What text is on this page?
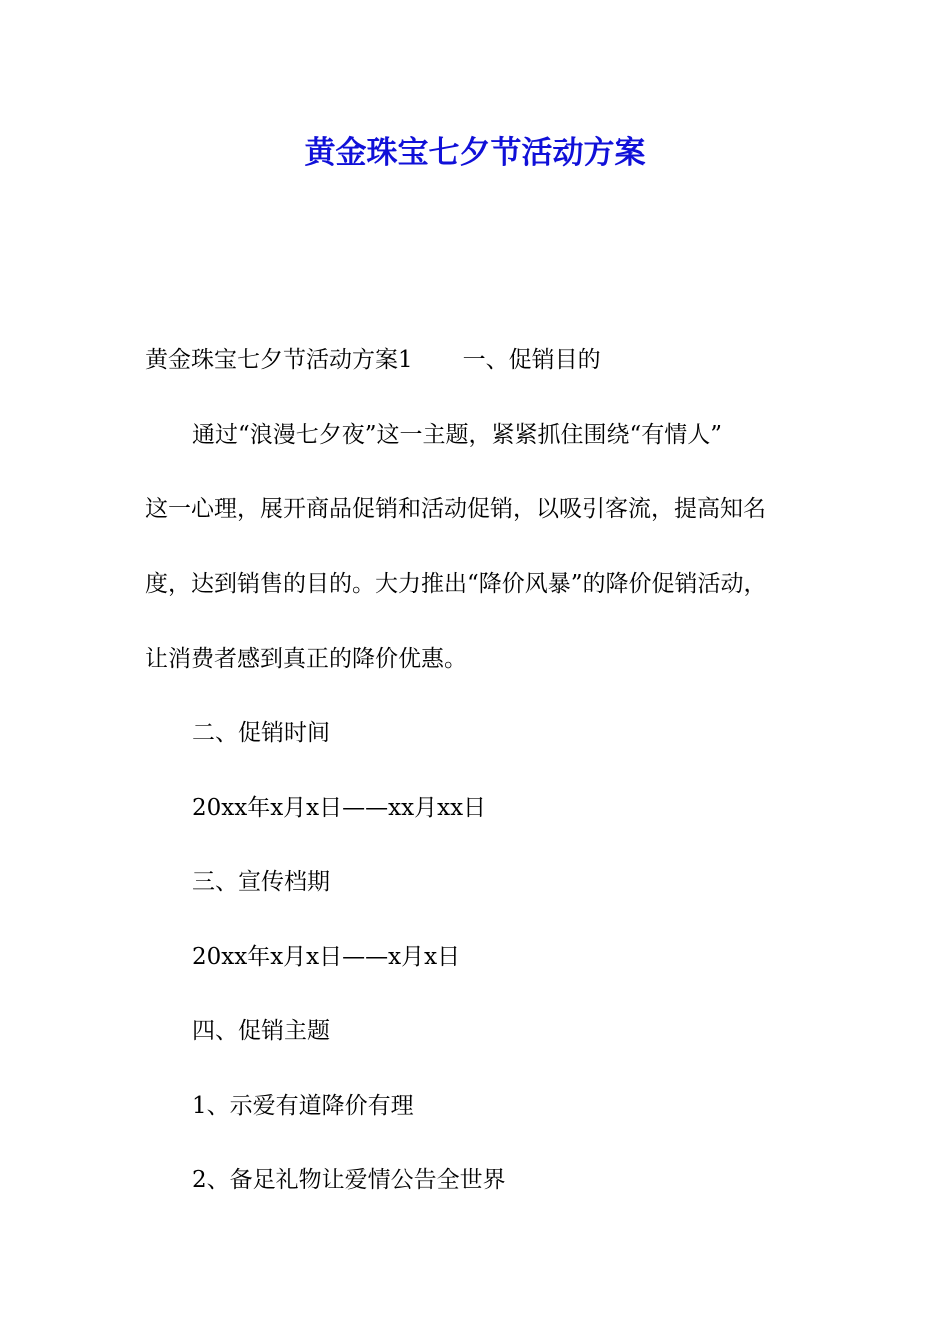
黄金珠宝七夕节活动方案

黄金珠宝七夕节活动方案1 一、促销目的

通过“浪漫七夕夜”这一主题，紧紧抓住围绕“有情人”

这一心理，展开商品促销和活动促销，以吸引客流，提高知名

度，达到销售的目的。大力推出“降价风暴”的降价促销活动，

让消费者感到真正的降价优惠。

二、促销时间

20xx年x月x日——xx月xx日

三、宣传档期

20xx年x月x日——x月x日

四、促销主题

1、示爱有道降价有理

2、备足礼物让爱情公告全世界
